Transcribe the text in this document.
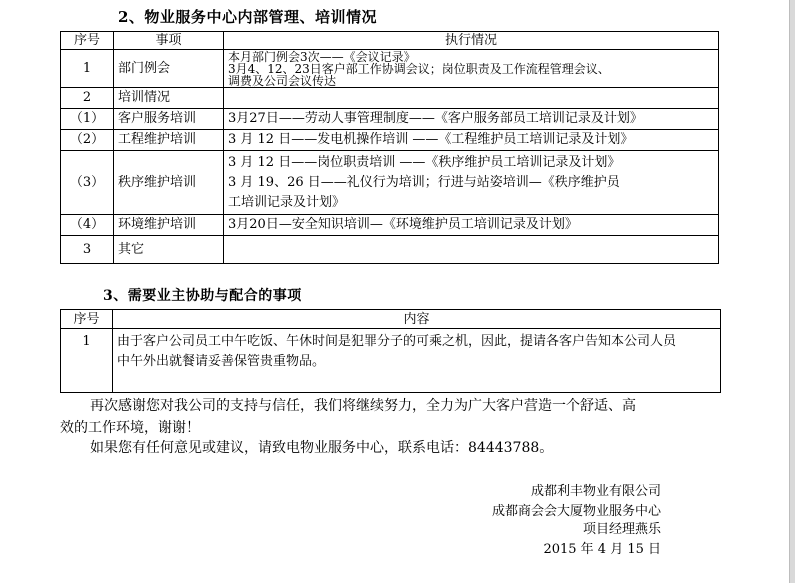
2、物业服务中心内部管理、培训情况
序号	事项	执行情况
1	部门例会	本月部门例会3次——《会议记录》
3月4、12、23日客户部工作协调会议；岗位职责及工作流程管理会议、
调费及公司会议传达

2	培训情况	
（1）	客户服务培训	3月27日——劳动人事管理制度——《客户服务部员工培训记录及计划》
（2）	工程维护培训	3 月 12 日——发电机操作培训 ——《工程维护员工培训记录及计划》
（3）	秩序维护培训	3 月 12 日——岗位职责培训 ——《秩序维护员工培训记录及计划》
3 月 19、26 日——礼仪行为培训；行进与站姿培训—《秩序维护员
工培训记录及计划》

（4）	环境维护培训	3月20日—安全知识培训—《环境维护员工培训记录及计划》
3	其它	
3、需要业主协助与配合的事项
序号	内容
1	由于客户公司员工中午吃饭、午休时间是犯罪分子的可乘之机，因此，提请各客户告知本公司人员
中午外出就餐请妥善保管贵重物品。
再次感谢您对我公司的支持与信任，我们将继续努力，全力为广大客户营造一个舒适、高
效的工作环境，谢谢！
如果您有任何意见或建议，请致电物业服务中心，联系电话：84443788。
成都利丰物业有限公司
成都商会会大厦物业服务中心
项目经理燕乐
2015 年 4 月 15 日
